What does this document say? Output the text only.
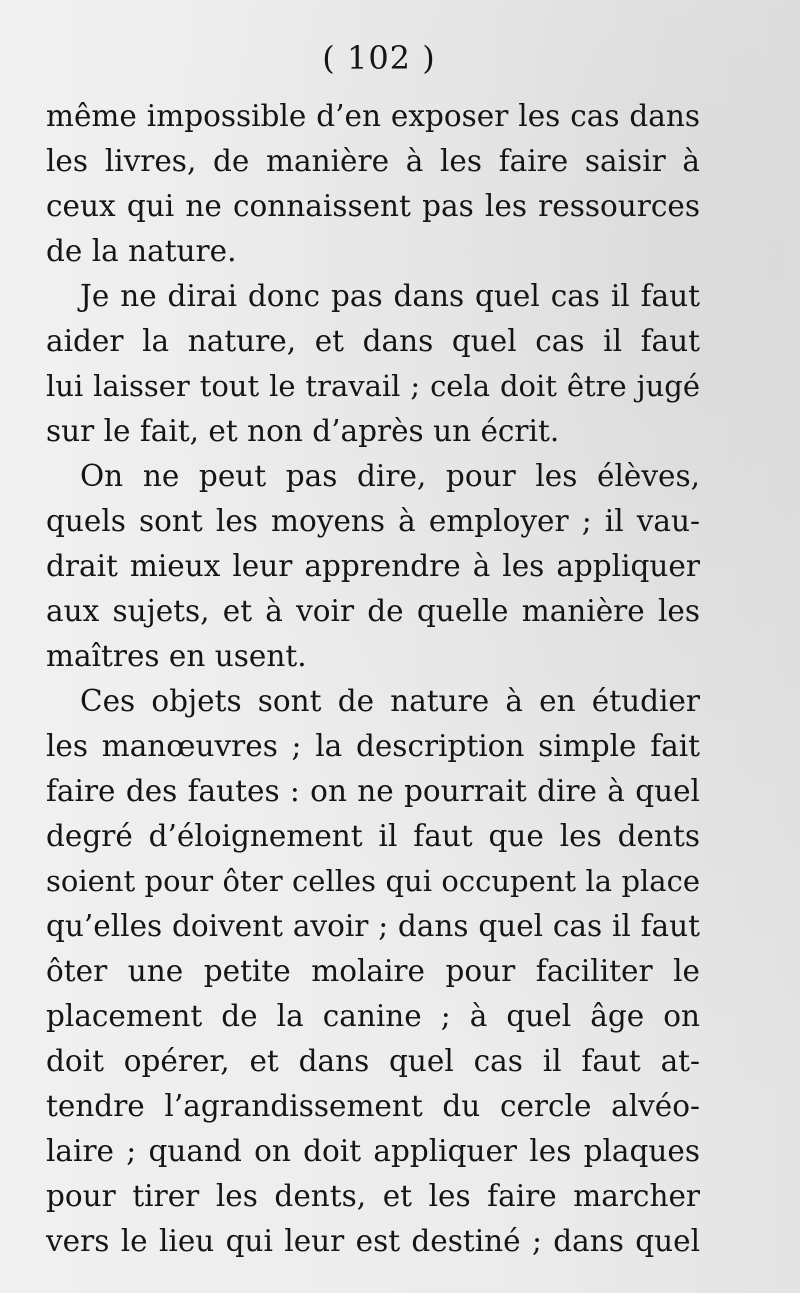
( 102 )
même impossible d’en exposer les cas dans
les livres, de manière à les faire saisir à
ceux qui ne connaissent pas les ressources
de la nature.
Je ne dirai donc pas dans quel cas il faut
aider la nature, et dans quel cas il faut
lui laisser tout le travail ; cela doit être jugé
sur le fait, et non d’après un écrit.
On ne peut pas dire, pour les élèves,
quels sont les moyens à employer ; il vau-
drait mieux leur apprendre à les appliquer
aux sujets, et à voir de quelle manière les
maîtres en usent.
Ces objets sont de nature à en étudier
les manœuvres ; la description simple fait
faire des fautes : on ne pourrait dire à quel
degré d’éloignement il faut que les dents
soient pour ôter celles qui occupent la place
qu’elles doivent avoir ; dans quel cas il faut
ôter une petite molaire pour faciliter le
placement de la canine ; à quel âge on
doit opérer, et dans quel cas il faut at-
tendre l’agrandissement du cercle alvéo-
laire ; quand on doit appliquer les plaques
pour tirer les dents, et les faire marcher
vers le lieu qui leur est destiné ; dans quel
